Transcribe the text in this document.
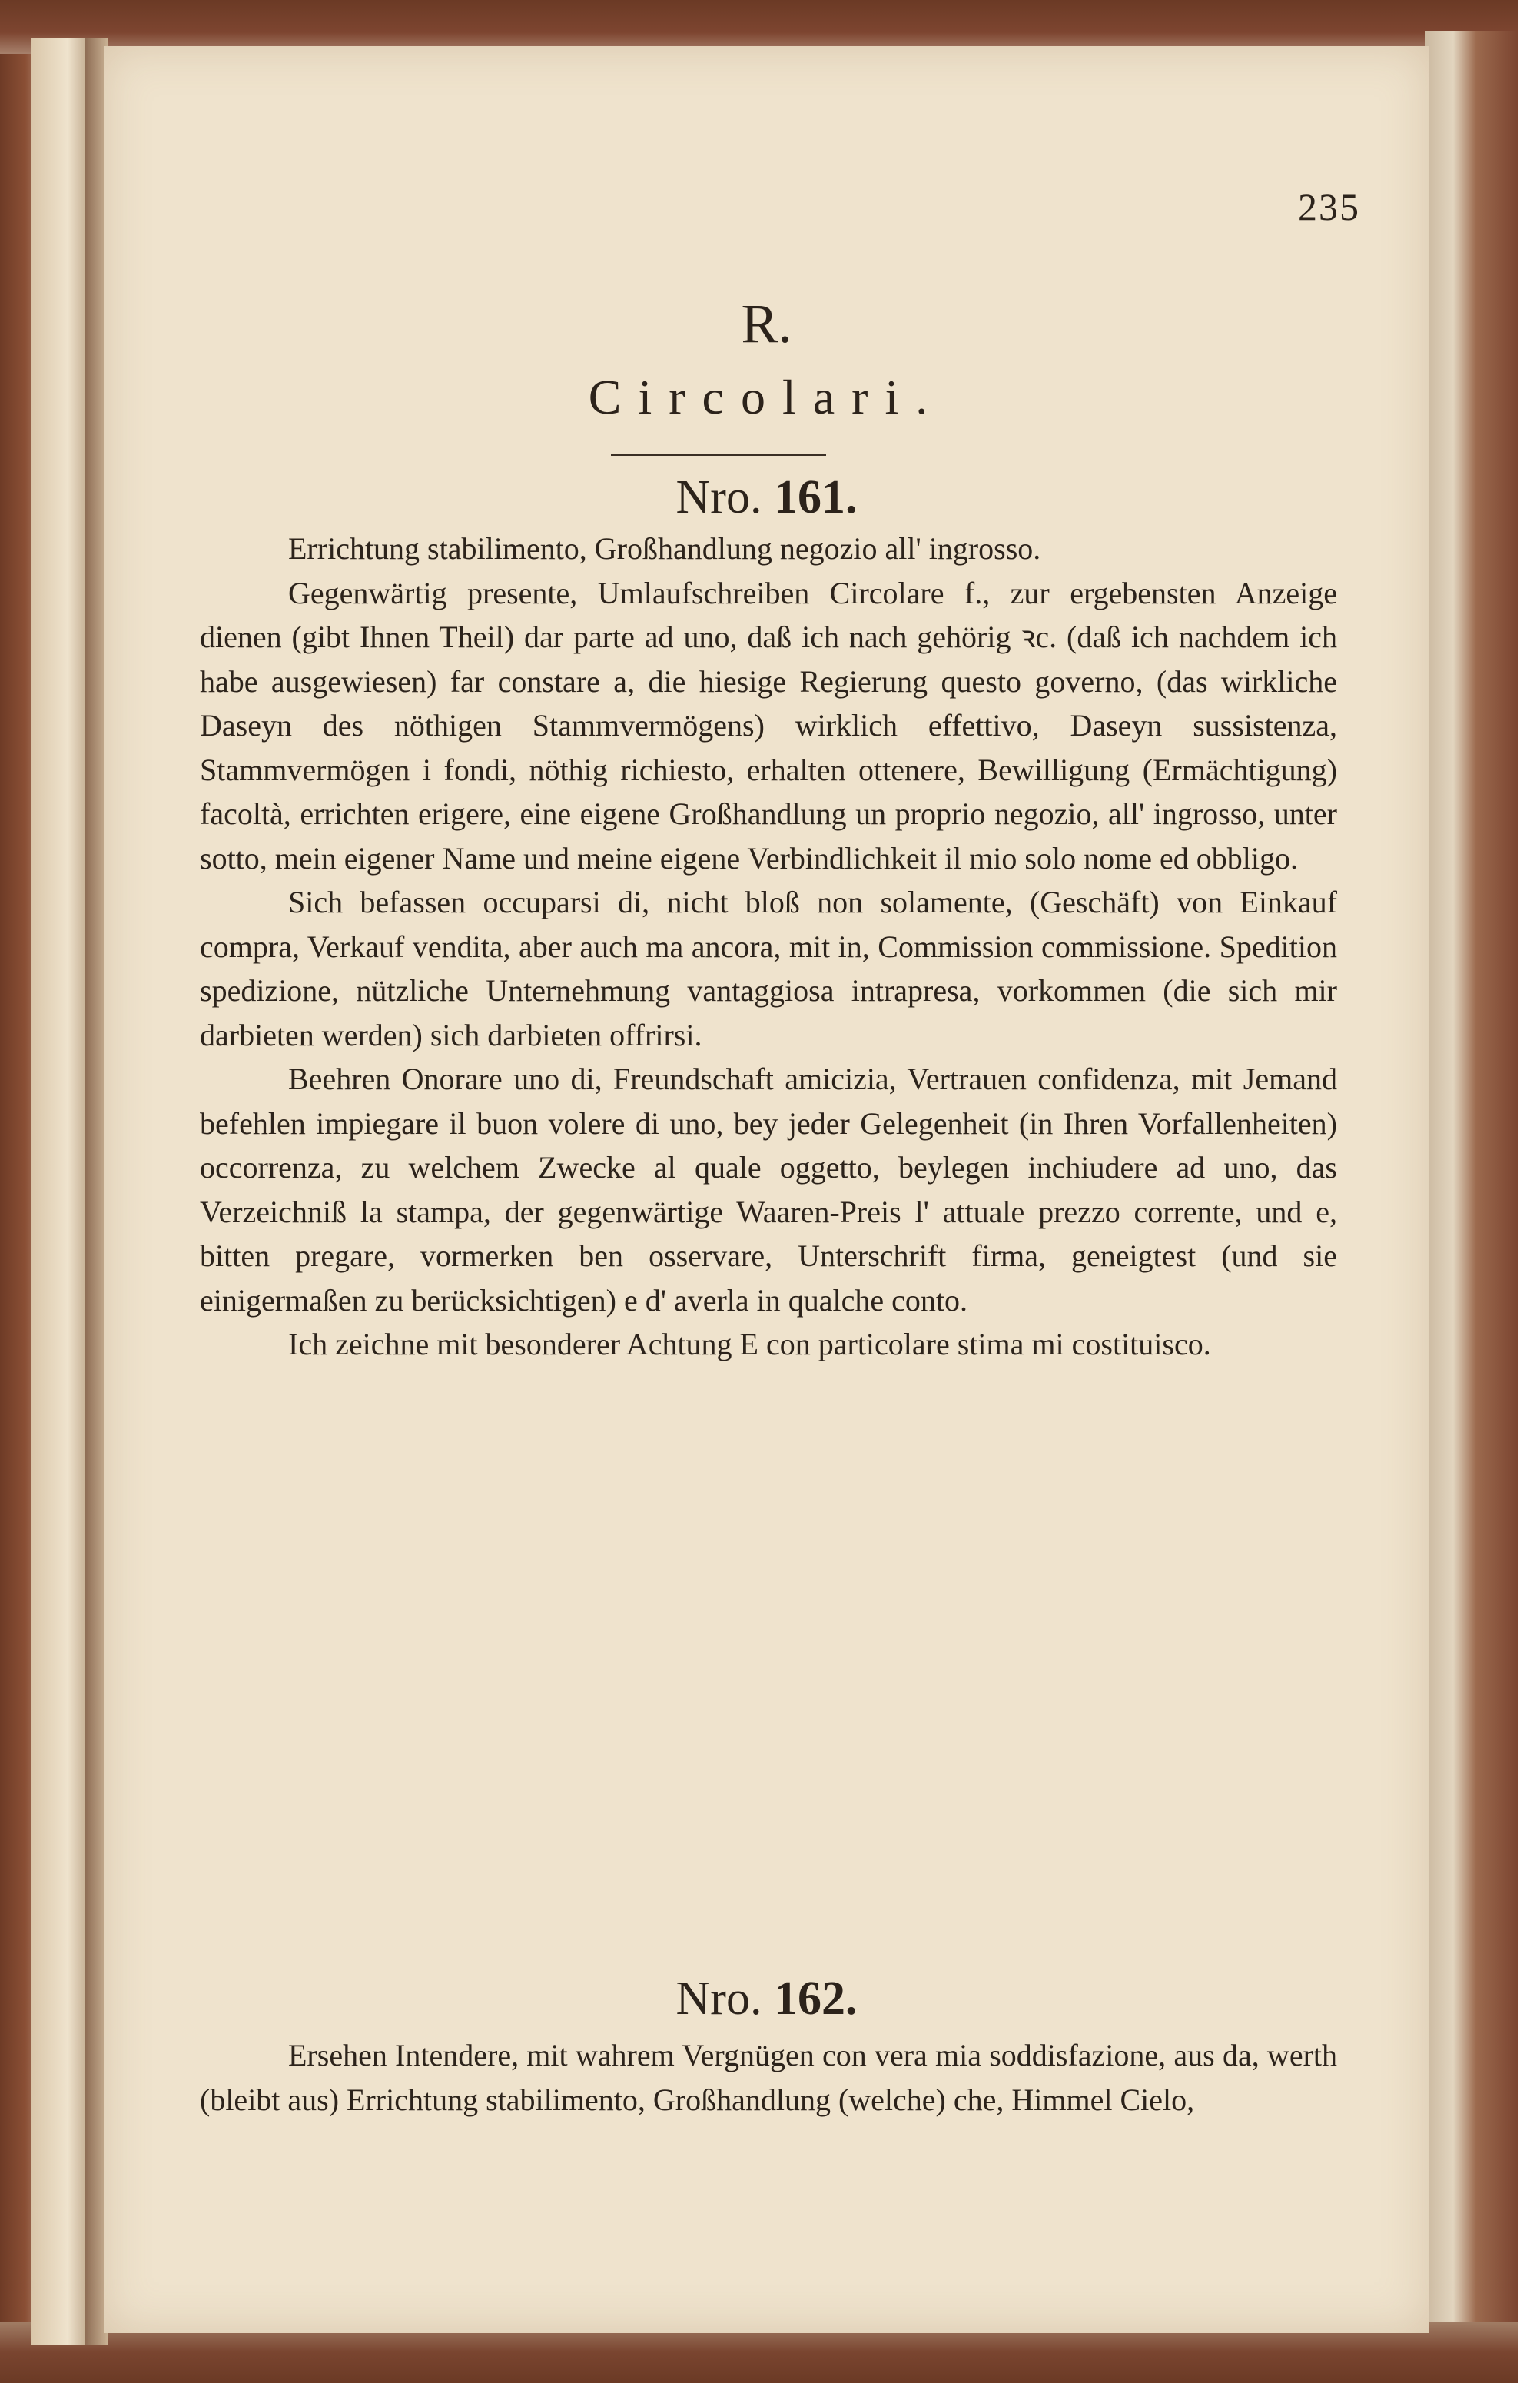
235
R.
Circolari.
Nro. 161.

Errichtung stabilimento, Großhandlung negozio all' ingrosso.

Gegenwärtig presente, Umlaufschreiben Circolare f., zur ergebensten Anzeige dienen (gibt Ihnen Theil) dar parte ad uno, daß ich nach gehörig ꝛc. (daß ich nachdem ich habe ausgewiesen) far constare a, die hiesige Regierung questo governo, (das wirkliche Daseyn des nöthigen Stammvermögens) wirklich effettivo, Daseyn sussistenza, Stammvermögen i fondi, nöthig richiesto, erhalten ottenere, Bewilligung (Ermächtigung) facoltà, errichten erigere, eine eigene Großhandlung un proprio negozio, all' ingrosso, unter sotto, mein eigener Name und meine eigene Verbindlichkeit il mio solo nome ed obbligo.

Sich befassen occuparsi di, nicht bloß non solamente, (Geschäft) von Einkauf compra, Verkauf vendita, aber auch ma ancora, mit in, Commission commissione. Spedition spedizione, nützliche Unternehmung vantaggiosa intrapresa, vorkommen (die sich mir darbieten werden) sich darbieten offrirsi.

Beehren Onorare uno di, Freundschaft amicizia, Vertrauen confidenza, mit Jemand befehlen impiegare il buon volere di uno, bey jeder Gelegenheit (in Ihren Vorfallenheiten) occorrenza, zu welchem Zwecke al quale oggetto, beylegen inchiudere ad uno, das Verzeichniß la stampa, der gegenwärtige Waaren-Preis l' attuale prezzo corrente, und e, bitten pregare, vormerken ben osservare, Unterschrift firma, geneigtest (und sie einigermaßen zu berücksichtigen) e d' averla in qualche conto.

Ich zeichne mit besonderer Achtung E con particolare stima mi costituisco.

Nro. 162.

Ersehen Intendere, mit wahrem Vergnügen con vera mia soddisfazione, aus da, werth (bleibt aus) Errichtung stabilimento, Großhandlung (welche) che, Himmel Cielo,
